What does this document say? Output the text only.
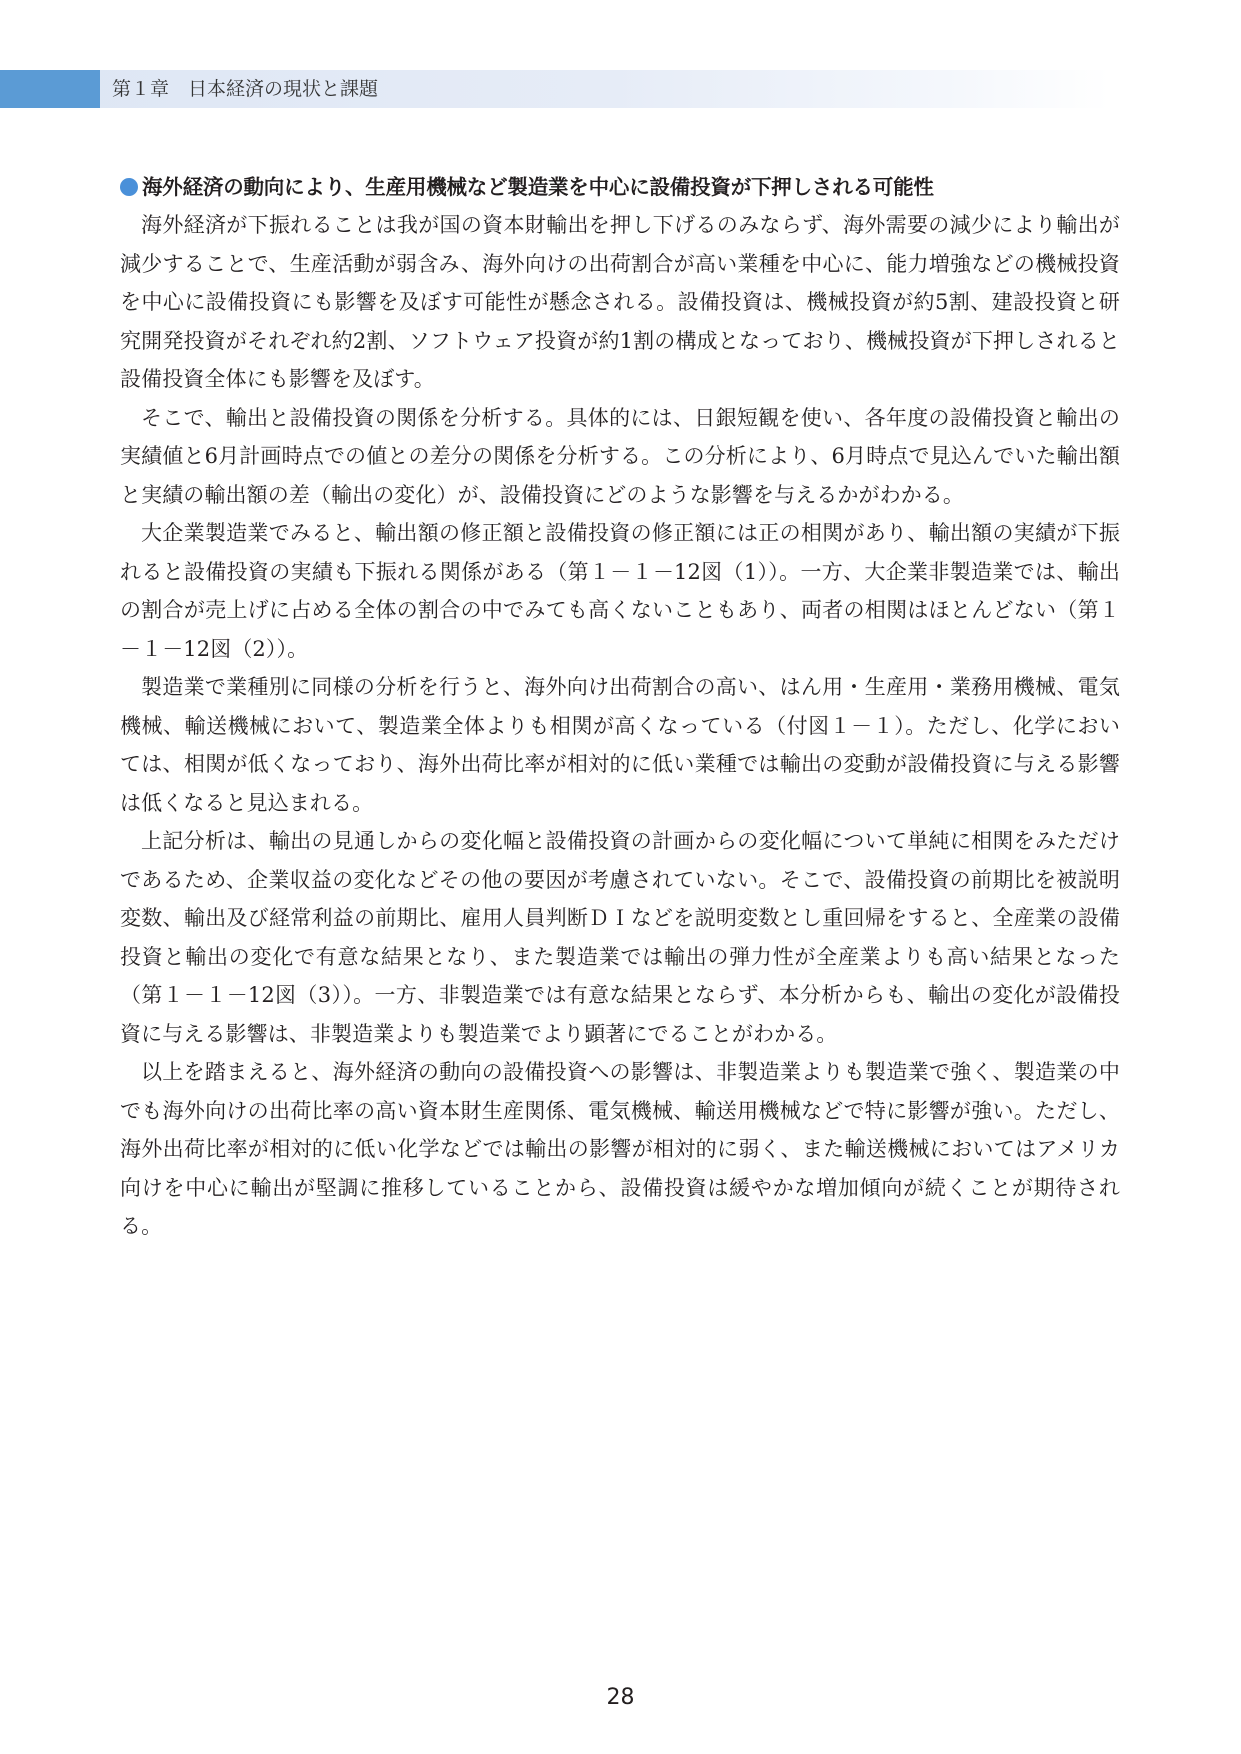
第１章　日本経済の現状と課題
海外経済の動向により、生産用機械など製造業を中心に設備投資が下押しされる可能性

海外経済が下振れることは我が国の資本財輸出を押し下げるのみならず、海外需要の減少により輸出が減少することで、生産活動が弱含み、海外向けの出荷割合が高い業種を中心に、能力増強などの機械投資を中心に設備投資にも影響を及ぼす可能性が懸念される。設備投資は、機械投資が約5割、建設投資と研究開発投資がそれぞれ約2割、ソフトウェア投資が約1割の構成となっており、機械投資が下押しされると設備投資全体にも影響を及ぼす。

そこで、輸出と設備投資の関係を分析する。具体的には、日銀短観を使い、各年度の設備投資と輸出の実績値と6月計画時点での値との差分の関係を分析する。この分析により、6月時点で見込んでいた輸出額と実績の輸出額の差（輸出の変化）が、設備投資にどのような影響を与えるかがわかる。

大企業製造業でみると、輸出額の修正額と設備投資の修正額には正の相関があり、輸出額の実績が下振れると設備投資の実績も下振れる関係がある（第１－１－12図（1））。一方、大企業非製造業では、輸出の割合が売上げに占める全体の割合の中でみても高くないこともあり、両者の相関はほとんどない（第１－１－12図（2））。

製造業で業種別に同様の分析を行うと、海外向け出荷割合の高い、はん用・生産用・業務用機械、電気機械、輸送機械において、製造業全体よりも相関が高くなっている（付図１－１）。ただし、化学においては、相関が低くなっており、海外出荷比率が相対的に低い業種では輸出の変動が設備投資に与える影響は低くなると見込まれる。

上記分析は、輸出の見通しからの変化幅と設備投資の計画からの変化幅について単純に相関をみただけであるため、企業収益の変化などその他の要因が考慮されていない。そこで、設備投資の前期比を被説明変数、輸出及び経常利益の前期比、雇用人員判断ＤＩなどを説明変数とし重回帰をすると、全産業の設備投資と輸出の変化で有意な結果となり、また製造業では輸出の弾力性が全産業よりも高い結果となった（第１－１－12図（3））。一方、非製造業では有意な結果とならず、本分析からも、輸出の変化が設備投資に与える影響は、非製造業よりも製造業でより顕著にでることがわかる。

以上を踏まえると、海外経済の動向の設備投資への影響は、非製造業よりも製造業で強く、製造業の中でも海外向けの出荷比率の高い資本財生産関係、電気機械、輸送用機械などで特に影響が強い。ただし、海外出荷比率が相対的に低い化学などでは輸出の影響が相対的に弱く、また輸送機械においてはアメリカ向けを中心に輸出が堅調に推移していることから、設備投資は緩やかな増加傾向が続くことが期待される。

28
